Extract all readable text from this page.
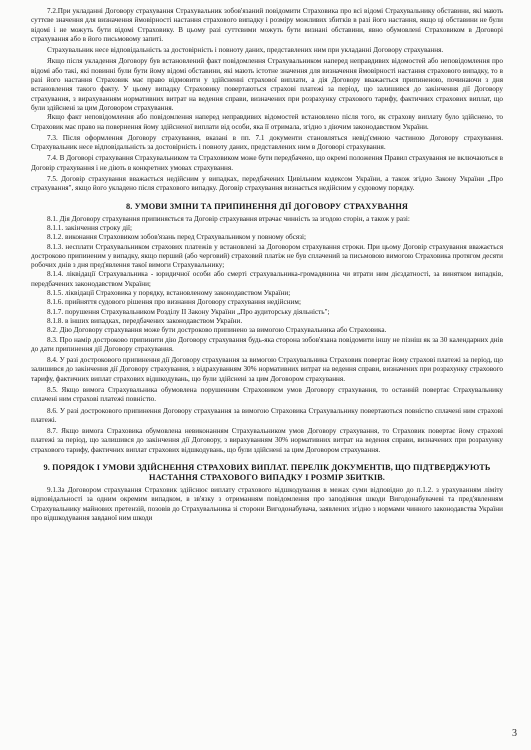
7.2.При укладанні Договору страхування Страхувальник зобов'язаний повідомити Страховика про всі відомі Страхувальнику обставини, які мають суттєве значення для визначення ймовірності настання страхового випадку і розміру можливих збитків в разі його настання, якщо ці обставини не були відомі і не можуть бути відомі Страховику. В цьому разі суттєвими можуть бути визнані обставини, явно обумовлені Страховиком в Договорі страхування або в його письмовому запиті.

Страхувальник несе відповідальність за достовірність і повноту даних, представлених ним при укладанні Договору страхування.

Якщо після укладення Договору був встановлений факт повідомлення Страхувальником наперед неправдивих відомостей або неповідомлення про відомі або такі, які повинні були бути йому відомі обставини, які мають істотне значення для визначення ймовірності настання страхового випадку, то в разі його настання Страховик має право відмовити у здійсненні страхової виплати, а дія Договору вважається припиненою, починаючи з дня встановлення такого факту. У цьому випадку Страховику повертаються страхові платежі за період, що залишився до закінчення дії Договору страхування, з вирахуванням нормативних витрат на ведення справи, визначених при розрахунку страхового тарифу, фактичних страхових виплат, що були здійснені за цим Договором страхування.

Якщо факт неповідомлення або повідомлення наперед неправдивих відомостей встановлено після того, як страхову виплату було здійснено, то Страховик має право на повернення йому здійсненої виплати від особи, яка її отримала, згідно з діючим законодавством України.

7.3. Після оформлення Договору страхування, вказані в пп. 7.1 документи становляться невід'ємною частиною Договору страхування. Страхувальник несе відповідальність за достовірність і повноту даних, представлених ним в Договорі страхування.

7.4. В Договорі страхування Страхувальником та Страховиком може бути передбачено, що окремі положення Правил страхування не включаються в Договір страхування і не діють в конкретних умовах страхування.

7.5. Договір страхування вважається недійсним у випадках, передбачених Цивільним кодексом України, а також згідно Закону України „Про страхування", якщо його укладено після страхового випадку. Договір страхування визнається недійсним у судовому порядку.

8. УМОВИ ЗМІНИ ТА ПРИПИНЕННЯ ДІЇ ДОГОВОРУ СТРАХУВАННЯ

8.1. Дія Договору страхування припиняється та Договір страхування втрачає чинність за згодою сторін, а також у разі:

8.1.1. закінчення строку дії;

8.1.2. виконання Страховиком зобов'язань перед Страхувальником у повному обсязі;

8.1.3. несплати Страхувальником страхових платежів у встановлені за Договором страхування строки. При цьому Договір страхування вважається достроково припиненим у випадку, якщо перший (або черговий) страховий платіж не був сплачений за письмовою вимогою Страховика протягом десяти робочих днів з дня пред'явлення такої вимоги Страхувальнику;

8.1.4. ліквідації Страхувальника - юридичної особи або смерті страхувальника-громадянина чи втрати ним дієздатності, за винятком випадків, передбачених законодавством України;

8.1.5. ліквідації Страховика у порядку, встановленому законодавством України;

8.1.6. прийняття судового рішення про визнання Договору страхування недійсним;

8.1.7. порушення Страхувальником Розділу II Закону України „Про аудиторську діяльність";

8.1.8. в інших випадках, передбачених законодавством України.

8.2. Дію Договору страхування може бути достроково припинено за вимогою Страхувальника або Страховика.

8.3. Про намір достроково припинити дію Договору страхування будь-яка сторона зобов'язана повідомити іншу не пізніш як за 30 календарних днів до дати припинення дії Договору страхування.

8.4. У разі дострокового припинення дії Договору страхування за вимогою Страхувальника Страховик повертає йому страхові платежі за період, що залишився до закінчення дії Договору страхування, з відрахуванням 30% нормативних витрат на ведення справи, визначених при розрахунку страхового тарифу, фактичних виплат страхових відшкодувань, що були здійснені за цим Договором страхування.

8.5. Якщо вимога Страхувальника обумовлена порушенням Страховиком умов Договору страхування, то останній повертає Страхувальнику сплачені ним страхові платежі повністю.

8.6. У разі дострокового припинення Договору страхування за вимогою Страховика Страхувальнику повертаються повністю сплачені ним страхові платежі.

8.7. Якщо вимога Страховика обумовлена невиконанням Страхувальником умов Договору страхування, то Страховик повертає йому страхові платежі за період, що залишився до закінчення дії Договору, з вирахуванням 30% нормативних витрат на ведення справи, визначених при розрахунку страхового тарифу, фактичних виплат страхових відшкодувань, що були здійснені за цим Договором страхування.

9. ПОРЯДОК І УМОВИ ЗДІЙСНЕННЯ СТРАХОВИХ ВИПЛАТ. ПЕРЕЛІК ДОКУМЕНТІВ, ЩО ПІДТВЕРДЖУЮТЬ НАСТАННЯ СТРАХОВОГО ВИПАДКУ І РОЗМІР ЗБИТКІВ.

9.1.За Договором страхування Страховик здійснює виплату страхового відшкодування в межах суми відповідно до п.1.2. з урахуванням ліміту відповідальності за одним окремим випадком, в зв'язку з отриманням повідомлення про заподіяння шкоди Вигодонабувачеві та пред'явленням Страхувальнику майнових претензій, позовів до Страхувальника зі сторони Вигодонабувача, заявлених згідно з нормами чинного законодавства України про відшкодування завданої ним шкоди

3
